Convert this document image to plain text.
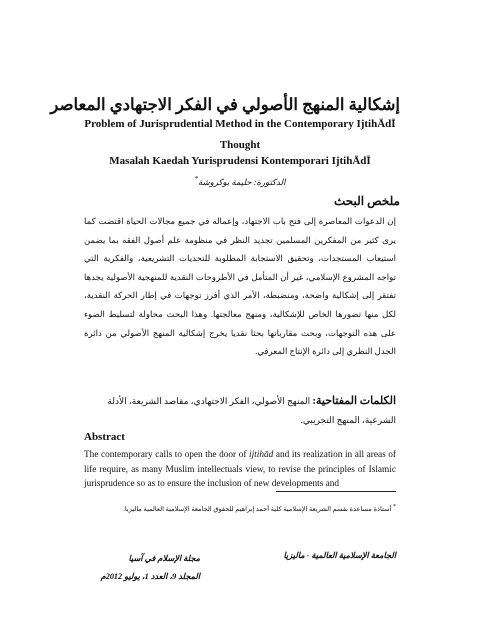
إشكالية المنهج الأصولي في الفكر الاجتهادي المعاصر
Problem of Jurisprudential Method in the Contemporary IjtihĀdĪ
Thought
Masalah Kaedah Yurisprudensi Kontemporari IjtihĀdĪ
الدكتورة: حليمة بوكروشة*
ملخص البحث
إن الدعوات المعاصرة إلى فتح باب الاجتهاد، وإعماله في جميع مجالات الحياة اقتضت كما يرى كثير من المفكرين المسلمين تجديد النظر في منظومة علم أصول الفقه بما يضمن استيعاب المستجدات، وتحقيق الاستجابة المطلوبة للتحديات التشريعية، والفكرية التي تواجه المشروع الإسلامي، غير أن المتأمل في الأطروحات النقدية للمنهجية الأصولية يجدها تفتقر إلى إشكالية واضحة، ومنضبطة، الأمر الذي أفرز توجهات في إطار الحركة النقدية، لكل منها تصورها الخاص للإشكالية، ومنهج معالجتها. وهذا البحث محاولة لتسليط الضوء على هذه التوجهات، وبحث مقارباتها بحثا نقديا يخرج إشكالية المنهج الأصولي من دائرة الجدل النظري إلى دائرة الإنتاج المعرفي.
الكلمات المفتاحية: المنهج الأصولي، الفكر الاجتهادي، مقاصد الشريعة، الأدلة الشرعية، المنهج التجريبي.
Abstract
The contemporary calls to open the door of ijtihād and its realization in all areas of life require, as many Muslim intellectuals view, to revise the principles of Islamic jurisprudence so as to ensure the inclusion of new developments and
* أستاذة مساعدة بقسم الشريعة الإسلامية كلية أحمد إبراهيم للحقوق الجامعة الإسلامية العالمية ماليزيا.
الجامعة الإسلامية العالمية - ماليزيا
مجلة الإسلام في آسيا
المجلد 9، العدد 1، يوليو 2012م
